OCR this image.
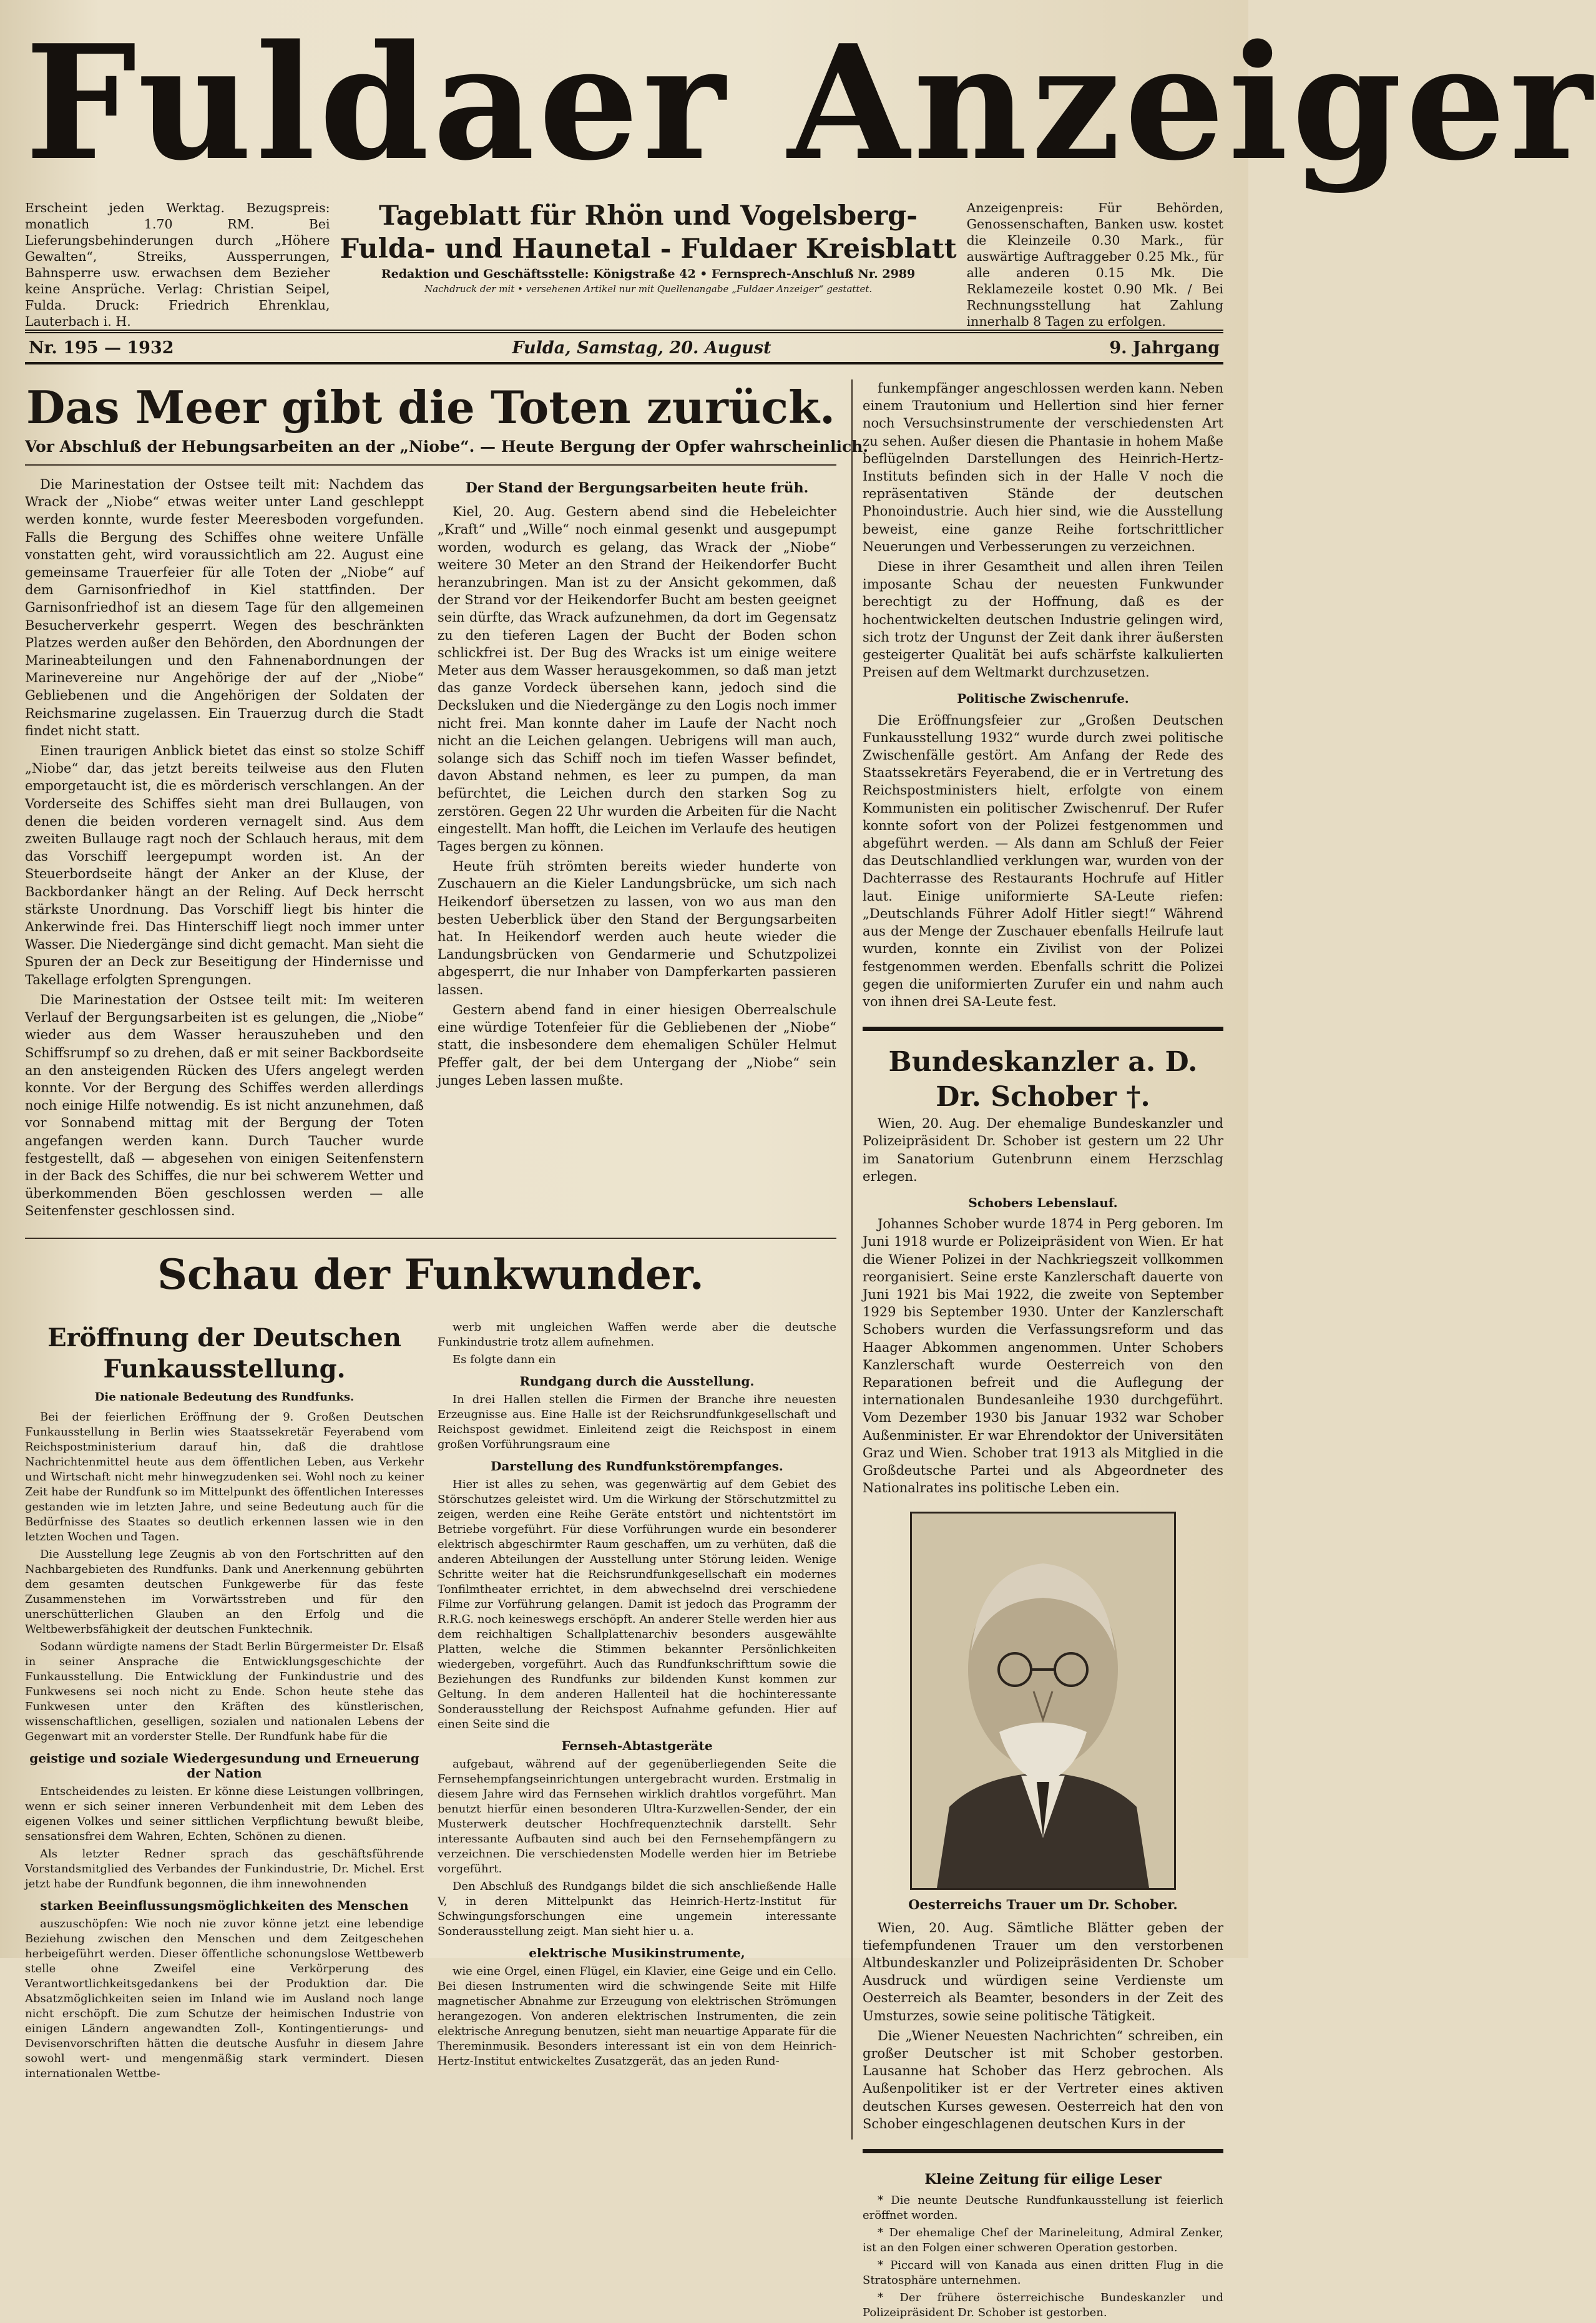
Fuldaer Anzeiger
Erscheint jeden Werktag. Bezugspreis: monatlich 1.70 RM. Bei Lieferungsbehinderungen durch „Höhere Gewalten“, Streiks, Aussperrungen, Bahnsperre usw. erwachsen dem Bezieher keine Ansprüche. Verlag: Christian Seipel, Fulda. Druck: Friedrich Ehrenklau, Lauterbach i. H.
Tageblatt für Rhön und Vogelsberg-
Fulda- und Haunetal - Fuldaer Kreisblatt
Redaktion und Geschäftsstelle: Königstraße 42 • Fernsprech-Anschluß Nr. 2989
Nachdruck der mit • versehenen Artikel nur mit Quellenangabe „Fuldaer Anzeiger“ gestattet.
Anzeigenpreis: Für Behörden, Genossenschaften, Banken usw. kostet die Kleinzeile 0.30 Mark., für auswärtige Auftraggeber 0.25 Mk., für alle anderen 0.15 Mk. Die Reklamezeile kostet 0.90 Mk. / Bei Rechnungsstellung hat Zahlung innerhalb 8 Tagen zu erfolgen.
Nr. 195 — 1932	Fulda, Samstag, 20. August	9. Jahrgang
Das Meer gibt die Toten zurück.
Vor Abschluß der Hebungsarbeiten an der „Niobe“. — Heute Bergung der Opfer wahrscheinlich.

Die Marinestation der Ostsee teilt mit: Nachdem das Wrack der „Niobe“ etwas weiter unter Land geschleppt werden konnte, wurde fester Meeresboden vorgefunden. Falls die Bergung des Schiffes ohne weitere Unfälle vonstatten geht, wird voraussichtlich am 22. August eine gemeinsame Trauerfeier für alle Toten der „Niobe“ auf dem Garnisonfriedhof in Kiel stattfinden. Der Garnisonfriedhof ist an diesem Tage für den allgemeinen Besucherverkehr gesperrt. Wegen des beschränkten Platzes werden außer den Behörden, den Abordnungen der Marineabteilungen und den Fahnenabordnungen der Marinevereine nur Angehörige der auf der „Niobe“ Gebliebenen und die Angehörigen der Soldaten der Reichsmarine zugelassen. Ein Trauerzug durch die Stadt findet nicht statt.

Einen traurigen Anblick bietet das einst so stolze Schiff „Niobe“ dar, das jetzt bereits teilweise aus den Fluten emporgetaucht ist, die es mörderisch verschlangen. An der Vorderseite des Schiffes sieht man drei Bullaugen, von denen die beiden vorderen vernagelt sind. Aus dem zweiten Bullauge ragt noch der Schlauch heraus, mit dem das Vorschiff leergepumpt worden ist. An der Steuerbordseite hängt der Anker an der Kluse, der Backbordanker hängt an der Reling. Auf Deck herrscht stärkste Unordnung. Das Vorschiff liegt bis hinter die Ankerwinde frei. Das Hinterschiff liegt noch immer unter Wasser. Die Niedergänge sind dicht gemacht. Man sieht die Spuren der an Deck zur Beseitigung der Hindernisse und Takellage erfolgten Sprengungen.

Die Marinestation der Ostsee teilt mit: Im weiteren Verlauf der Bergungsarbeiten ist es gelungen, die „Niobe“ wieder aus dem Wasser herauszuheben und den Schiffsrumpf so zu drehen, daß er mit seiner Backbordseite an den ansteigenden Rücken des Ufers angelegt werden konnte. Vor der Bergung des Schiffes werden allerdings noch einige Hilfe notwendig. Es ist nicht anzunehmen, daß vor Sonnabend mittag mit der Bergung der Toten angefangen werden kann. Durch Taucher wurde festgestellt, daß — abgesehen von einigen Seitenfenstern in der Back des Schiffes, die nur bei schwerem Wetter und überkommenden Böen geschlossen werden — alle Seitenfenster geschlossen sind.

Der Stand der Bergungsarbeiten heute früh.

Kiel, 20. Aug. Gestern abend sind die Hebeleichter „Kraft“ und „Wille“ noch einmal gesenkt und ausgepumpt worden, wodurch es gelang, das Wrack der „Niobe“ weitere 30 Meter an den Strand der Heikendorfer Bucht heranzubringen. Man ist zu der Ansicht gekommen, daß der Strand vor der Heikendorfer Bucht am besten geeignet sein dürfte, das Wrack aufzunehmen, da dort im Gegensatz zu den tieferen Lagen der Bucht der Boden schon schlickfrei ist. Der Bug des Wracks ist um einige weitere Meter aus dem Wasser herausgekommen, so daß man jetzt das ganze Vordeck übersehen kann, jedoch sind die Decksluken und die Niedergänge zu den Logis noch immer nicht frei. Man konnte daher im Laufe der Nacht noch nicht an die Leichen gelangen. Uebrigens will man auch, solange sich das Schiff noch im tiefen Wasser befindet, davon Abstand nehmen, es leer zu pumpen, da man befürchtet, die Leichen durch den starken Sog zu zerstören. Gegen 22 Uhr wurden die Arbeiten für die Nacht eingestellt. Man hofft, die Leichen im Verlaufe des heutigen Tages bergen zu können.

Heute früh strömten bereits wieder hunderte von Zuschauern an die Kieler Landungsbrücke, um sich nach Heikendorf übersetzen zu lassen, von wo aus man den besten Ueberblick über den Stand der Bergungsarbeiten hat. In Heikendorf werden auch heute wieder die Landungsbrücken von Gendarmerie und Schutzpolizei abgesperrt, die nur Inhaber von Dampferkarten passieren lassen.

Gestern abend fand in einer hiesigen Oberrealschule eine würdige Totenfeier für die Gebliebenen der „Niobe“ statt, die insbesondere dem ehemaligen Schüler Helmut Pfeffer galt, der bei dem Untergang der „Niobe“ sein junges Leben lassen mußte.

Schau der Funkwunder.
Eröffnung der Deutschen Funkausstellung.
Die nationale Bedeutung des Rundfunks.

Bei der feierlichen Eröffnung der 9. Großen Deutschen Funkausstellung in Berlin wies Staatssekretär Feyerabend vom Reichspostministerium darauf hin, daß die drahtlose Nachrichtenmittel heute aus dem öffentlichen Leben, aus Verkehr und Wirtschaft nicht mehr hinwegzudenken sei. Wohl noch zu keiner Zeit habe der Rundfunk so im Mittelpunkt des öffentlichen Interesses gestanden wie im letzten Jahre, und seine Bedeutung auch für die Bedürfnisse des Staates so deutlich erkennen lassen wie in den letzten Wochen und Tagen.

Die Ausstellung lege Zeugnis ab von den Fortschritten auf den Nachbargebieten des Rundfunks. Dank und Anerkennung gebührten dem gesamten deutschen Funkgewerbe für das feste Zusammenstehen im Vorwärtsstreben und für den unerschütterlichen Glauben an den Erfolg und die Weltbewerbsfähigkeit der deutschen Funktechnik.

Sodann würdigte namens der Stadt Berlin Bürgermeister Dr. Elsaß in seiner Ansprache die Entwicklungsgeschichte der Funkausstellung. Die Entwicklung der Funkindustrie und des Funkwesens sei noch nicht zu Ende. Schon heute stehe das Funkwesen unter den Kräften des künstlerischen, wissenschaftlichen, geselligen, sozialen und nationalen Lebens der Gegenwart mit an vorderster Stelle. Der Rundfunk habe für die

geistige und soziale Wiedergesundung und Erneuerung der Nation

Entscheidendes zu leisten. Er könne diese Leistungen vollbringen, wenn er sich seiner inneren Verbundenheit mit dem Leben des eigenen Volkes und seiner sittlichen Verpflichtung bewußt bleibe, sensationsfrei dem Wahren, Echten, Schönen zu dienen.

Als letzter Redner sprach das geschäftsführende Vorstandsmitglied des Verbandes der Funkindustrie, Dr. Michel. Erst jetzt habe der Rundfunk begonnen, die ihm innewohnenden

starken Beeinflussungsmöglichkeiten des Menschen

auszuschöpfen: Wie noch nie zuvor könne jetzt eine lebendige Beziehung zwischen den Menschen und dem Zeitgeschehen herbeigeführt werden. Dieser öffentliche schonungslose Wettbewerb stelle ohne Zweifel eine Verkörperung des Verantwortlichkeitsgedankens bei der Produktion dar. Die Absatzmöglichkeiten seien im Inland wie im Ausland noch lange nicht erschöpft. Die zum Schutze der heimischen Industrie von einigen Ländern angewandten Zoll-, Kontingentierungs- und Devisenvorschriften hätten die deutsche Ausfuhr in diesem Jahre sowohl wert- und mengenmäßig stark vermindert. Diesen internationalen Wettbe-

werb mit ungleichen Waffen werde aber die deutsche Funkindustrie trotz allem aufnehmen.

Es folgte dann ein

Rundgang durch die Ausstellung.

In drei Hallen stellen die Firmen der Branche ihre neuesten Erzeugnisse aus. Eine Halle ist der Reichsrundfunkgesellschaft und Reichspost gewidmet. Einleitend zeigt die Reichspost in einem großen Vorführungsraum eine

Darstellung des Rundfunkstörempfanges.

Hier ist alles zu sehen, was gegenwärtig auf dem Gebiet des Störschutzes geleistet wird. Um die Wirkung der Störschutzmittel zu zeigen, werden eine Reihe Geräte entstört und nichtentstört im Betriebe vorgeführt. Für diese Vorführungen wurde ein besonderer elektrisch abgeschirmter Raum geschaffen, um zu verhüten, daß die anderen Abteilungen der Ausstellung unter Störung leiden. Wenige Schritte weiter hat die Reichsrundfunkgesellschaft ein modernes Tonfilmtheater errichtet, in dem abwechselnd drei verschiedene Filme zur Vorführung gelangen. Damit ist jedoch das Programm der R.R.G. noch keineswegs erschöpft. An anderer Stelle werden hier aus dem reichhaltigen Schallplattenarchiv besonders ausgewählte Platten, welche die Stimmen bekannter Persönlichkeiten wiedergeben, vorgeführt. Auch das Rundfunkschrifttum sowie die Beziehungen des Rundfunks zur bildenden Kunst kommen zur Geltung. In dem anderen Hallenteil hat die hochinteressante Sonderausstellung der Reichspost Aufnahme gefunden. Hier auf einen Seite sind die

Fernseh-Abtastgeräte

aufgebaut, während auf der gegenüberliegenden Seite die Fernsehempfangseinrichtungen untergebracht wurden. Erstmalig in diesem Jahre wird das Fernsehen wirklich drahtlos vorgeführt. Man benutzt hierfür einen besonderen Ultra-Kurzwellen-Sender, der ein Musterwerk deutscher Hochfrequenztechnik darstellt. Sehr interessante Aufbauten sind auch bei den Fernsehempfängern zu verzeichnen. Die verschiedensten Modelle werden hier im Betriebe vorgeführt.

Den Abschluß des Rundgangs bildet die sich anschließende Halle V, in deren Mittelpunkt das Heinrich-Hertz-Institut für Schwingungsforschungen eine ungemein interessante Sonderausstellung zeigt. Man sieht hier u. a.

elektrische Musikinstrumente,

wie eine Orgel, einen Flügel, ein Klavier, eine Geige und ein Cello. Bei diesen Instrumenten wird die schwingende Seite mit Hilfe magnetischer Abnahme zur Erzeugung von elektrischen Strömungen herangezogen. Von anderen elektrischen Instrumenten, die zein elektrische Anregung benutzen, sieht man neuartige Apparate für die Thereminmusik. Besonders interessant ist ein von dem Heinrich-Hertz-Institut entwickeltes Zusatzgerät, das an jeden Rund-

funkempfänger angeschlossen werden kann. Neben einem Trautonium und Hellertion sind hier ferner noch Versuchsinstrumente der verschiedensten Art zu sehen. Außer diesen die Phantasie in hohem Maße beflügelnden Darstellungen des Heinrich-Hertz-Instituts befinden sich in der Halle V noch die repräsentativen Stände der deutschen Phonoindustrie. Auch hier sind, wie die Ausstellung beweist, eine ganze Reihe fortschrittlicher Neuerungen und Verbesserungen zu verzeichnen.

Diese in ihrer Gesamtheit und allen ihren Teilen imposante Schau der neuesten Funkwunder berechtigt zu der Hoffnung, daß es der hochentwickelten deutschen Industrie gelingen wird, sich trotz der Ungunst der Zeit dank ihrer äußersten gesteigerter Qualität bei aufs schärfste kalkulierten Preisen auf dem Weltmarkt durchzusetzen.

Politische Zwischenrufe.

Die Eröffnungsfeier zur „Großen Deutschen Funkausstellung 1932“ wurde durch zwei politische Zwischenfälle gestört. Am Anfang der Rede des Staatssekretärs Feyerabend, die er in Vertretung des Reichspostministers hielt, erfolgte von einem Kommunisten ein politischer Zwischenruf. Der Rufer konnte sofort von der Polizei festgenommen und abgeführt werden. — Als dann am Schluß der Feier das Deutschlandlied verklungen war, wurden von der Dachterrasse des Restaurants Hochrufe auf Hitler laut. Einige uniformierte SA-Leute riefen: „Deutschlands Führer Adolf Hitler siegt!“ Während aus der Menge der Zuschauer ebenfalls Heilrufe laut wurden, konnte ein Zivilist von der Polizei festgenommen werden. Ebenfalls schritt die Polizei gegen die uniformierten Zurufer ein und nahm auch von ihnen drei SA-Leute fest.

Bundeskanzler a. D. Dr. Schober †.

Wien, 20. Aug. Der ehemalige Bundeskanzler und Polizeipräsident Dr. Schober ist gestern um 22 Uhr im Sanatorium Gutenbrunn einem Herzschlag erlegen.

Schobers Lebenslauf.

Johannes Schober wurde 1874 in Perg geboren. Im Juni 1918 wurde er Polizeipräsident von Wien. Er hat die Wiener Polizei in der Nachkriegszeit vollkommen reorganisiert. Seine erste Kanzlerschaft dauerte von Juni 1921 bis Mai 1922, die zweite von September 1929 bis September 1930. Unter der Kanzlerschaft Schobers wurden die Verfassungsreform und das Haager Abkommen angenommen. Unter Schobers Kanzlerschaft wurde Oesterreich von den Reparationen befreit und die Auflegung der internationalen Bundesanleihe 1930 durchgeführt. Vom Dezember 1930 bis Januar 1932 war Schober Außenminister. Er war Ehrendoktor der Universitäten Graz und Wien. Schober trat 1913 als Mitglied in die Großdeutsche Partei und als Abgeordneter des Nationalrates ins politische Leben ein.

Oesterreichs Trauer um Dr. Schober.

Wien, 20. Aug. Sämtliche Blätter geben der tiefempfundenen Trauer um den verstorbenen Altbundeskanzler und Polizeipräsidenten Dr. Schober Ausdruck und würdigen seine Verdienste um Oesterreich als Beamter, besonders in der Zeit des Umsturzes, sowie seine politische Tätigkeit.

Die „Wiener Neuesten Nachrichten“ schreiben, ein großer Deutscher ist mit Schober gestorben. Lausanne hat Schober das Herz gebrochen. Als Außenpolitiker ist er der Vertreter eines aktiven deutschen Kurses gewesen. Oesterreich hat den von Schober eingeschlagenen deutschen Kurs in der

Kleine Zeitung für eilige Leser

* Die neunte Deutsche Rundfunkausstellung ist feierlich eröffnet worden.

* Der ehemalige Chef der Marineleitung, Admiral Zenker, ist an den Folgen einer schweren Operation gestorben.

* Piccard will von Kanada aus einen dritten Flug in die Stratosphäre unternehmen.

* Der frühere österreichische Bundeskanzler und Polizeipräsident Dr. Schober ist gestorben.
